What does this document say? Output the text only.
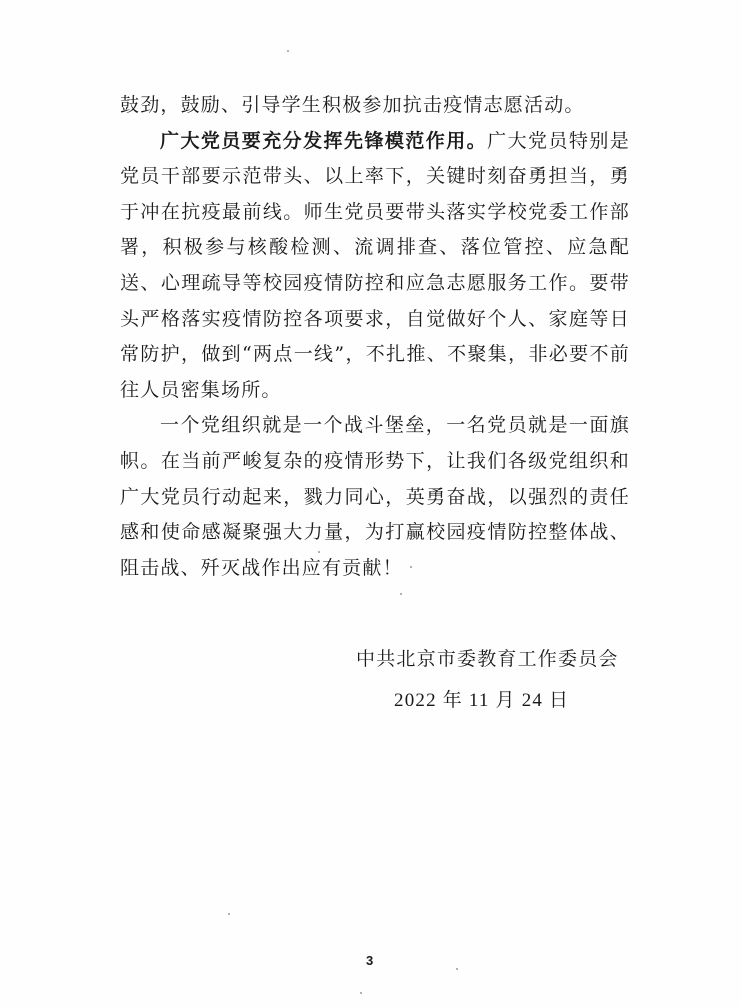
鼓劲，鼓励、引导学生积极参加抗击疫情志愿活动。

广大党员要充分发挥先锋模范作用。广大党员特别是党员干部要示范带头、以上率下，关键时刻奋勇担当，勇于冲在抗疫最前线。师生党员要带头落实学校党委工作部署，积极参与核酸检测、流调排查、落位管控、应急配送、心理疏导等校园疫情防控和应急志愿服务工作。要带头严格落实疫情防控各项要求，自觉做好个人、家庭等日常防护，做到“两点一线”，不扎推、不聚集，非必要不前往人员密集场所。

一个党组织就是一个战斗堡垒，一名党员就是一面旗帜。在当前严峻复杂的疫情形势下，让我们各级党组织和广大党员行动起来，戮力同心，英勇奋战，以强烈的责任感和使命感凝聚强大力量，为打赢校园疫情防控整体战、阻击战、歼灭战作出应有贡献！

中共北京市委教育工作委员会

2022 年 11 月 24 日

3
